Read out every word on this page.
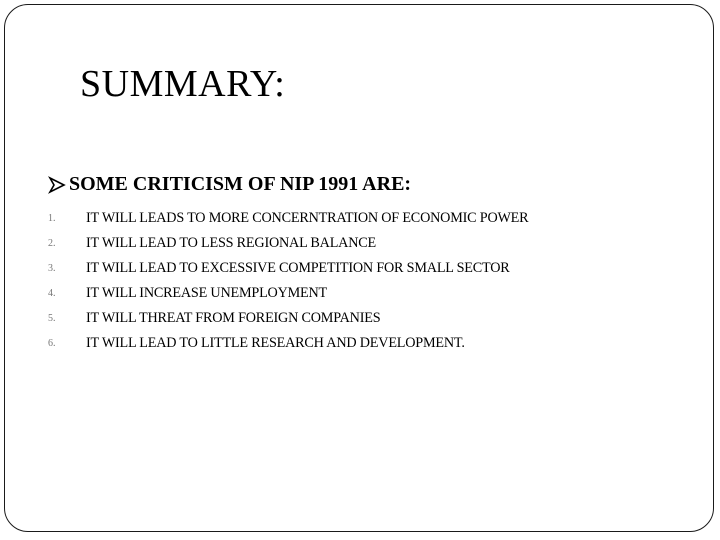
SUMMARY:
SOME CRITICISM OF NIP 1991 ARE:
1.	IT WILL LEADS TO MORE CONCERNTRATION OF ECONOMIC POWER
2.	IT WILL LEAD TO LESS REGIONAL BALANCE
3.	IT WILL LEAD TO EXCESSIVE COMPETITION FOR SMALL SECTOR
4.	IT WILL INCREASE UNEMPLOYMENT
5.	IT WILL THREAT FROM FOREIGN COMPANIES
6.	IT WILL LEAD TO LITTLE RESEARCH AND DEVELOPMENT.
